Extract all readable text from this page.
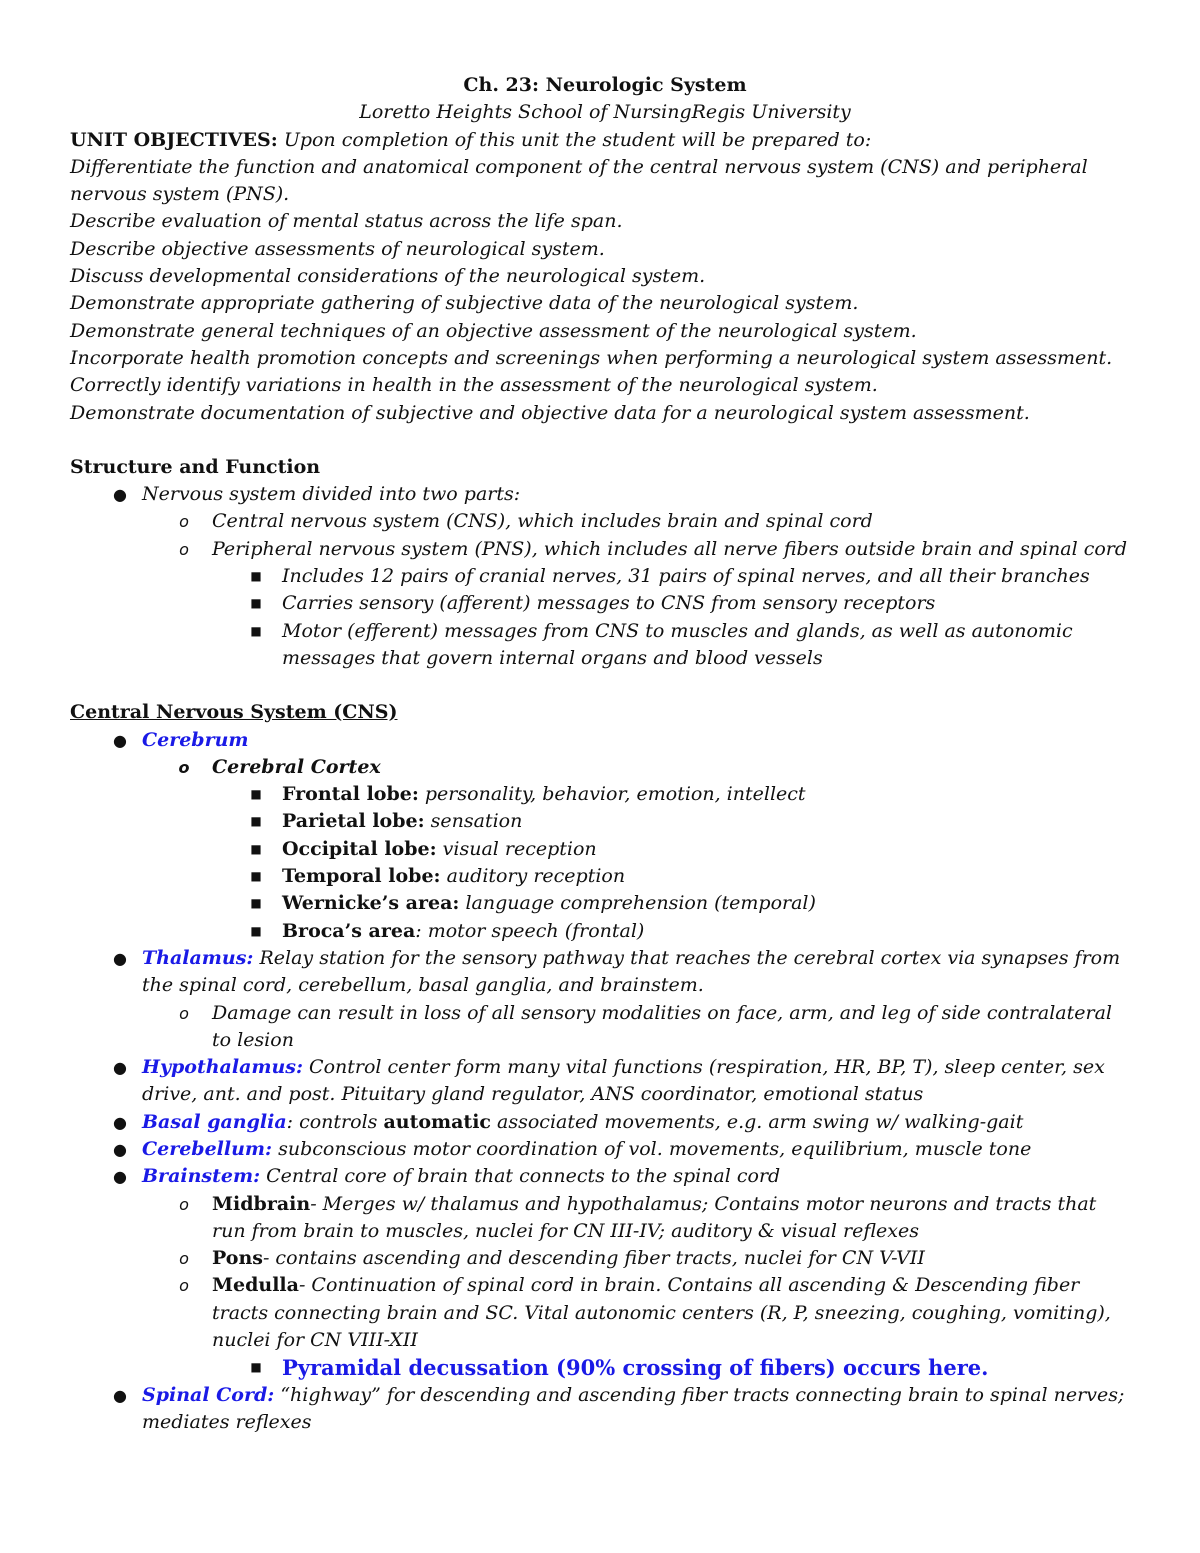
Ch. 23: Neurologic System
Loretto Heights School of NursingRegis University
UNIT OBJECTIVES: Upon completion of this unit the student will be prepared to:
Differentiate the function and anatomical component of the central nervous system (CNS) and peripheral
nervous system (PNS).
Describe evaluation of mental status across the life span.
Describe objective assessments of neurological system.
Discuss developmental considerations of the neurological system.
Demonstrate appropriate gathering of subjective data of the neurological system.
Demonstrate general techniques of an objective assessment of the neurological system.
Incorporate health promotion concepts and screenings when performing a neurological system assessment.
Correctly identify variations in health in the assessment of the neurological system.
Demonstrate documentation of subjective and objective data for a neurological system assessment.
Structure and Function
● Nervous system divided into two parts:
o Central nervous system (CNS), which includes brain and spinal cord
o Peripheral nervous system (PNS), which includes all nerve fibers outside brain and spinal cord
■ Includes 12 pairs of cranial nerves, 31 pairs of spinal nerves, and all their branches
■ Carries sensory (afferent) messages to CNS from sensory receptors
■ Motor (efferent) messages from CNS to muscles and glands, as well as autonomic
messages that govern internal organs and blood vessels
Central Nervous System (CNS)
● Cerebrum
o Cerebral Cortex
■ Frontal lobe: personality, behavior, emotion, intellect
■ Parietal lobe: sensation
■ Occipital lobe: visual reception
■ Temporal lobe: auditory reception
■ Wernicke’s area: language comprehension (temporal)
■ Broca’s area: motor speech (frontal)
● Thalamus: Relay station for the sensory pathway that reaches the cerebral cortex via synapses from
the spinal cord, cerebellum, basal ganglia, and brainstem.
o Damage can result in loss of all sensory modalities on face, arm, and leg of side contralateral
to lesion
● Hypothalamus: Control center form many vital functions (respiration, HR, BP, T), sleep center, sex
drive, ant. and post. Pituitary gland regulator, ANS coordinator, emotional status
● Basal ganglia: controls automatic associated movements, e.g. arm swing w/ walking-gait
● Cerebellum: subconscious motor coordination of vol. movements, equilibrium, muscle tone
● Brainstem: Central core of brain that connects to the spinal cord
o Midbrain- Merges w/ thalamus and hypothalamus; Contains motor neurons and tracts that
run from brain to muscles, nuclei for CN III-IV; auditory & visual reflexes
o Pons- contains ascending and descending fiber tracts, nuclei for CN V-VII
o Medulla- Continuation of spinal cord in brain. Contains all ascending & Descending fiber
tracts connecting brain and SC. Vital autonomic centers (R, P, sneezing, coughing, vomiting),
nuclei for CN VIII-XII
■ Pyramidal decussation (90% crossing of fibers) occurs here.
● Spinal Cord: “highway” for descending and ascending fiber tracts connecting brain to spinal nerves;
mediates reflexes
